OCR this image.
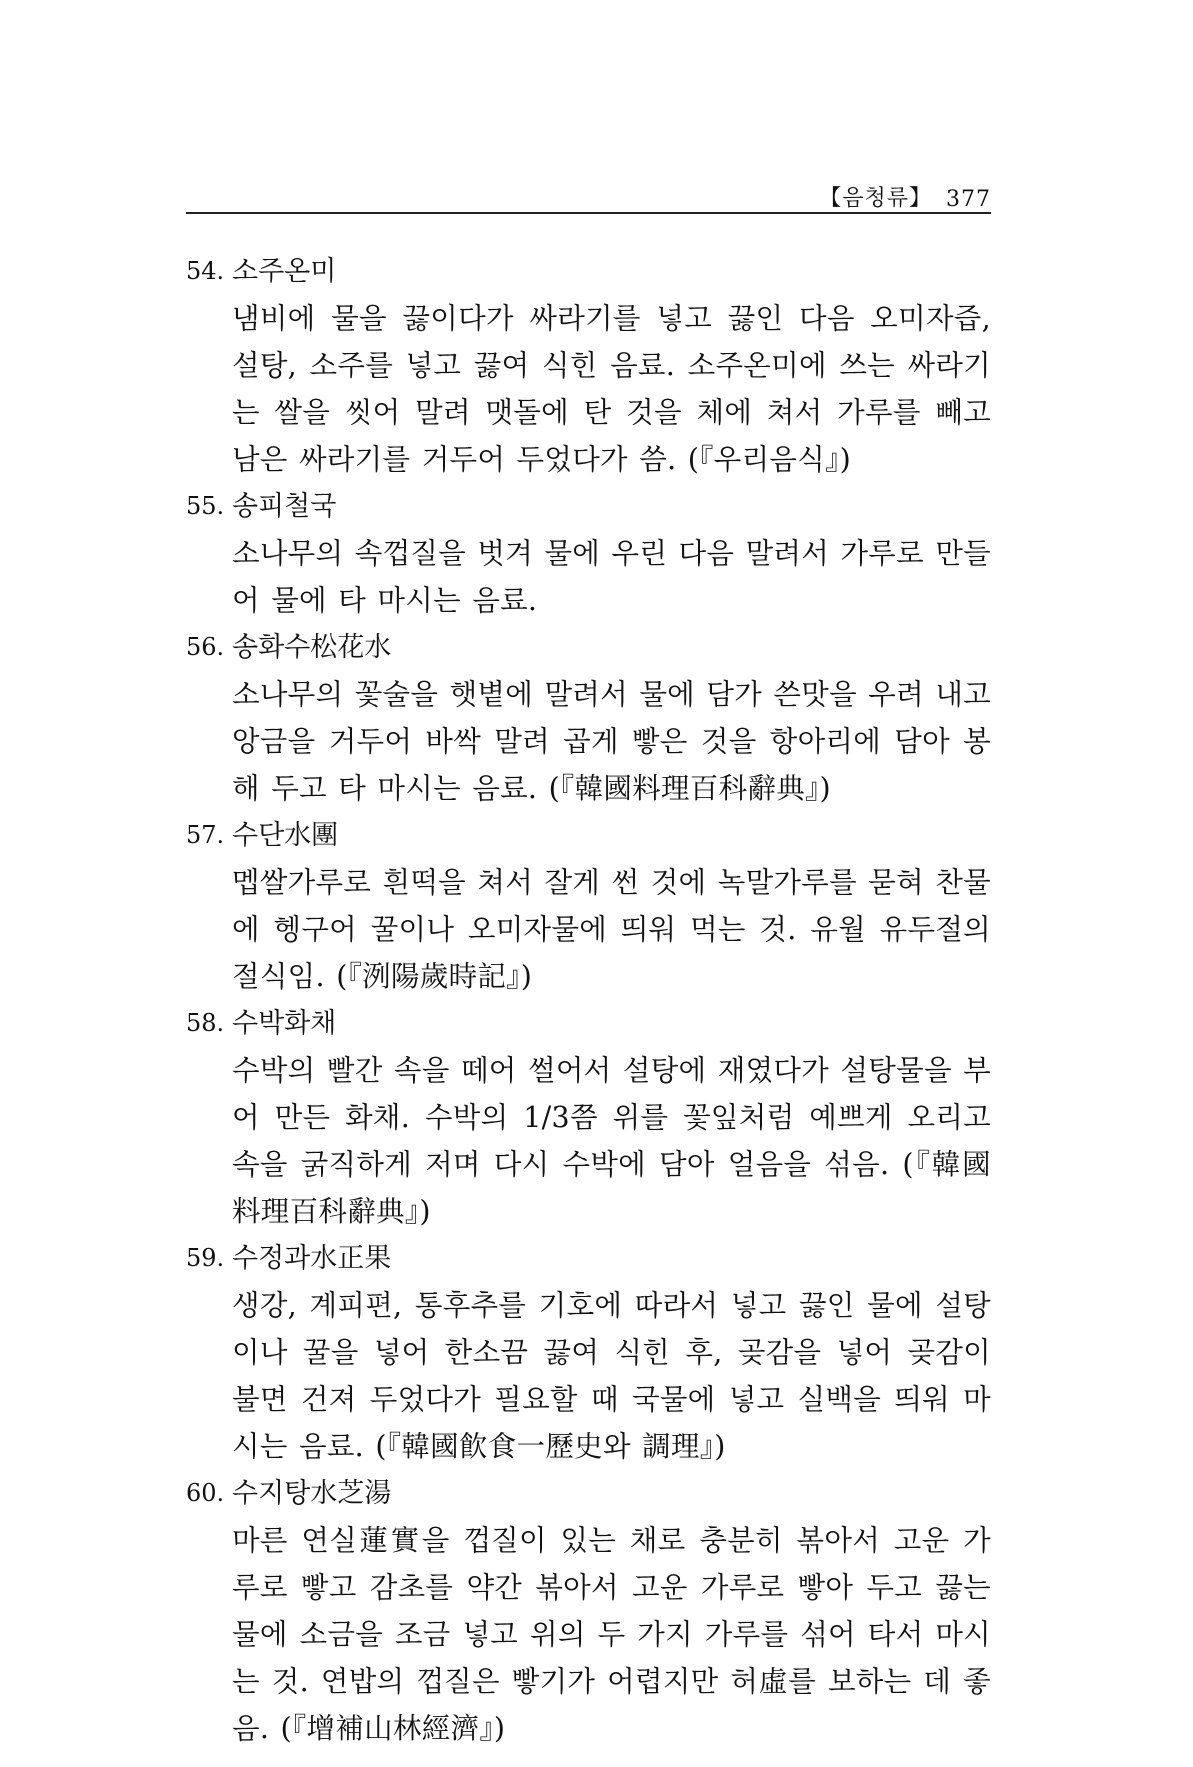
【음청류】 377
54. 소주온미
냄비에 물을 끓이다가 싸라기를 넣고 끓인 다음 오미자즙, 설탕, 소주를 넣고 끓여 식힌 음료. 소주온미에 쓰는 싸라기는 쌀을 씻어 말려 맷돌에 탄 것을 체에 쳐서 가루를 빼고 남은 싸라기를 거두어 두었다가 씀. (『우리음식』)
55. 송피철국
소나무의 속껍질을 벗겨 물에 우린 다음 말려서 가루로 만들어 물에 타 마시는 음료.
56. 송화수松花水
소나무의 꽃술을 햇볕에 말려서 물에 담가 쓴맛을 우려 내고 앙금을 거두어 바싹 말려 곱게 빻은 것을 항아리에 담아 봉해 두고 타 마시는 음료. (『韓國料理百科辭典』)
57. 수단水團
멥쌀가루로 흰떡을 쳐서 잘게 썬 것에 녹말가루를 묻혀 찬물에 헹구어 꿀이나 오미자물에 띄워 먹는 것. 유월 유두절의 절식임. (『洌陽歲時記』)
58. 수박화채
수박의 빨간 속을 떼어 썰어서 설탕에 재였다가 설탕물을 부어 만든 화채. 수박의 1/3쯤 위를 꽃잎처럼 예쁘게 오리고 속을 굵직하게 저며 다시 수박에 담아 얼음을 섞음. (『韓國料理百科辭典』)
59. 수정과水正果
생강, 계피편, 통후추를 기호에 따라서 넣고 끓인 물에 설탕이나 꿀을 넣어 한소끔 끓여 식힌 후, 곶감을 넣어 곶감이 불면 건져 두었다가 필요할 때 국물에 넣고 실백을 띄워 마시는 음료. (『韓國飮食一歷史와 調理』)
60. 수지탕水芝湯
마른 연실蓮實을 껍질이 있는 채로 충분히 볶아서 고운 가루로 빻고 감초를 약간 볶아서 고운 가루로 빻아 두고 끓는 물에 소금을 조금 넣고 위의 두 가지 가루를 섞어 타서 마시는 것. 연밥의 껍질은 빻기가 어렵지만 허虛를 보하는 데 좋음. (『增補山林經濟』)
